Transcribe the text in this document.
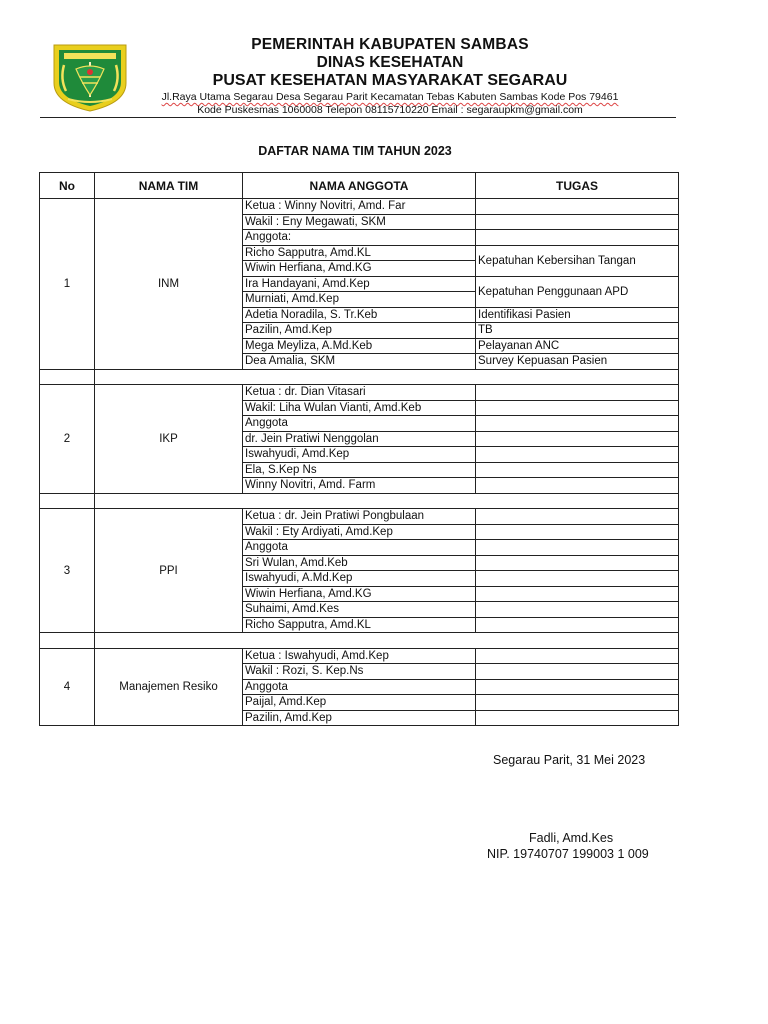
PEMERINTAH KABUPATEN SAMBAS
DINAS KESEHATAN
PUSAT KESEHATAN MASYARAKAT SEGARAU
Jl.Raya Utama Segarau Desa Segarau Parit Kecamatan Tebas Kabuten Sambas Kode Pos 79461
Kode Puskesmas 1060008 Telepon 08115710220 Email : segaraupkm@gmail.com
DAFTAR NAMA TIM TAHUN 2023
No	NAMA TIM	NAMA ANGGOTA	TUGAS
1	INM	Ketua : Winny Novitri, Amd. Far	
		Wakil : Eny Megawati, SKM	
		Anggota:	
		Richo Sapputra, Amd.KL	Kepatuhan Kebersihan Tangan
		Wiwin Herfiana, Amd.KG	
		Ira Handayani, Amd.Kep	Kepatuhan Penggunaan APD
		Murniati, Amd.Kep	
		Adetia Noradila, S. Tr.Keb	Identifikasi Pasien
		Pazilin, Amd.Kep	TB
		Mega Meyliza, A.Md.Keb	Pelayanan ANC
		Dea Amalia, SKM	Survey Kepuasan Pasien

2	IKP	Ketua : dr. Dian Vitasari	
		Wakil: Liha Wulan Vianti, Amd.Keb	
		Anggota	
		dr. Jein Pratiwi Nenggolan	
		Iswahyudi, Amd.Kep	
		Ela, S.Kep Ns	
		Winny Novitri, Amd. Farm	

3	PPI	Ketua : dr. Jein Pratiwi Pongbulaan	
		Wakil : Ety Ardiyati, Amd.Kep	
		Anggota	
		Sri Wulan, Amd.Keb	
		Iswahyudi, A.Md.Kep	
		Wiwin Herfiana, Amd.KG	
		Suhaimi, Amd.Kes	
		Richo Sapputra, Amd.KL	

4	Manajemen Resiko	Ketua : Iswahyudi, Amd.Kep	
		Wakil : Rozi, S. Kep.Ns	
		Anggota	
		Paijal, Amd.Kep	
		Pazilin, Amd.Kep	
Segarau Parit, 31 Mei 2023
Fadli, Amd.Kes
NIP. 19740707 199003 1 009
